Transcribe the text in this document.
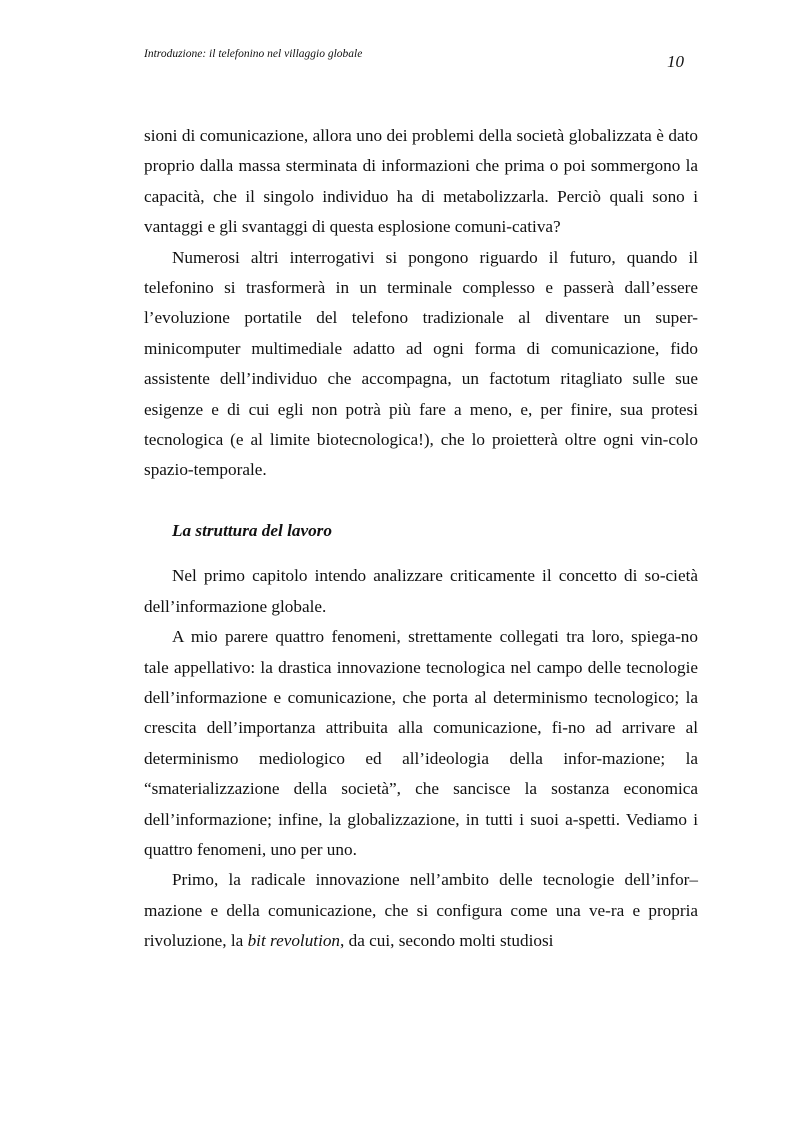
Introduzione: il telefonino nel villaggio globale	10

sioni di comunicazione, allora uno dei problemi della società globalizzata è dato proprio dalla massa sterminata di informazioni che prima o poi sommergono la capacità, che il singolo individuo ha di metabolizzarla. Perciò quali sono i vantaggi e gli svantaggi di questa esplosione comuni-cativa?

Numerosi altri interrogativi si pongono riguardo il futuro, quando il telefonino si trasformerà in un terminale complesso e passerà dall’essere l’evoluzione portatile del telefono tradizionale al diventare un super-minicomputer multimediale adatto ad ogni forma di comunicazione, fido assistente dell’individuo che accompagna, un factotum ritagliato sulle sue esigenze e di cui egli non potrà più fare a meno, e, per finire, sua protesi tecnologica (e al limite biotecnologica!), che lo proietterà oltre ogni vin-colo spazio-temporale.

La struttura del lavoro

Nel primo capitolo intendo analizzare criticamente il concetto di so-cietà dell’informazione globale.

A mio parere quattro fenomeni, strettamente collegati tra loro, spiega-no tale appellativo: la drastica innovazione tecnologica nel campo delle tecnologie dell’informazione e comunicazione, che porta al determinismo tecnologico; la crescita dell’importanza attribuita alla comunicazione, fi-no ad arrivare al determinismo mediologico ed all’ideologia della infor-mazione; la “smaterializzazione della società”, che sancisce la sostanza economica dell’informazione; infine, la globalizzazione, in tutti i suoi a-spetti. Vediamo i quattro fenomeni, uno per uno.

Primo, la radicale innovazione nell’ambito delle tecnologie dell’infor–mazione e della comunicazione, che si configura come una ve-ra e propria rivoluzione, la bit revolution, da cui, secondo molti studiosi
